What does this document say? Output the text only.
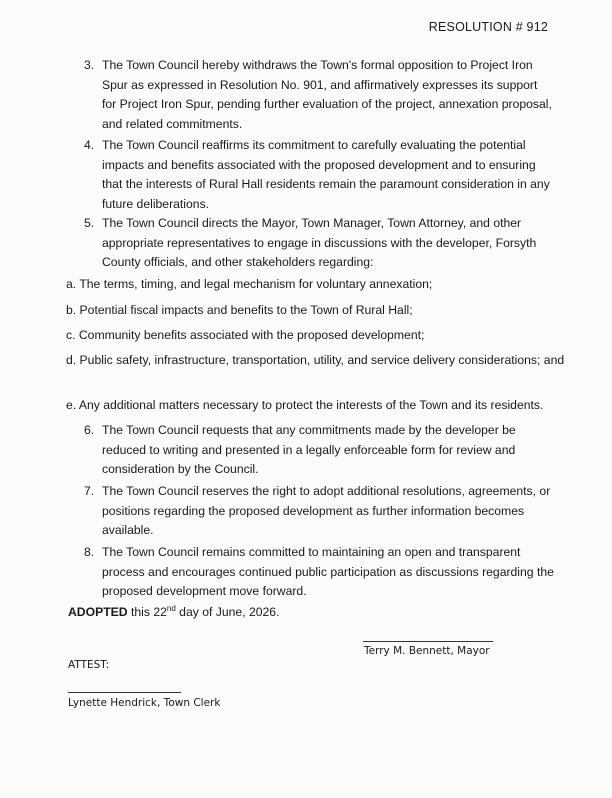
RESOLUTION # 912
3. The Town Council hereby withdraws the Town's formal opposition to Project Iron Spur as expressed in Resolution No. 901, and affirmatively expresses its support for Project Iron Spur, pending further evaluation of the project, annexation proposal, and related commitments.
4. The Town Council reaffirms its commitment to carefully evaluating the potential impacts and benefits associated with the proposed development and to ensuring that the interests of Rural Hall residents remain the paramount consideration in any future deliberations.
5. The Town Council directs the Mayor, Town Manager, Town Attorney, and other appropriate representatives to engage in discussions with the developer, Forsyth County officials, and other stakeholders regarding:
a. The terms, timing, and legal mechanism for voluntary annexation;
b. Potential fiscal impacts and benefits to the Town of Rural Hall;
c. Community benefits associated with the proposed development;
d. Public safety, infrastructure, transportation, utility, and service delivery considerations; and
e. Any additional matters necessary to protect the interests of the Town and its residents.
6. The Town Council requests that any commitments made by the developer be reduced to writing and presented in a legally enforceable form for review and consideration by the Council.
7. The Town Council reserves the right to adopt additional resolutions, agreements, or positions regarding the proposed development as further information becomes available.
8. The Town Council remains committed to maintaining an open and transparent process and encourages continued public participation as discussions regarding the proposed development move forward.
ADOPTED this 22nd day of June, 2026.
Terry M. Bennett, Mayor
ATTEST:
Lynette Hendrick, Town Clerk
